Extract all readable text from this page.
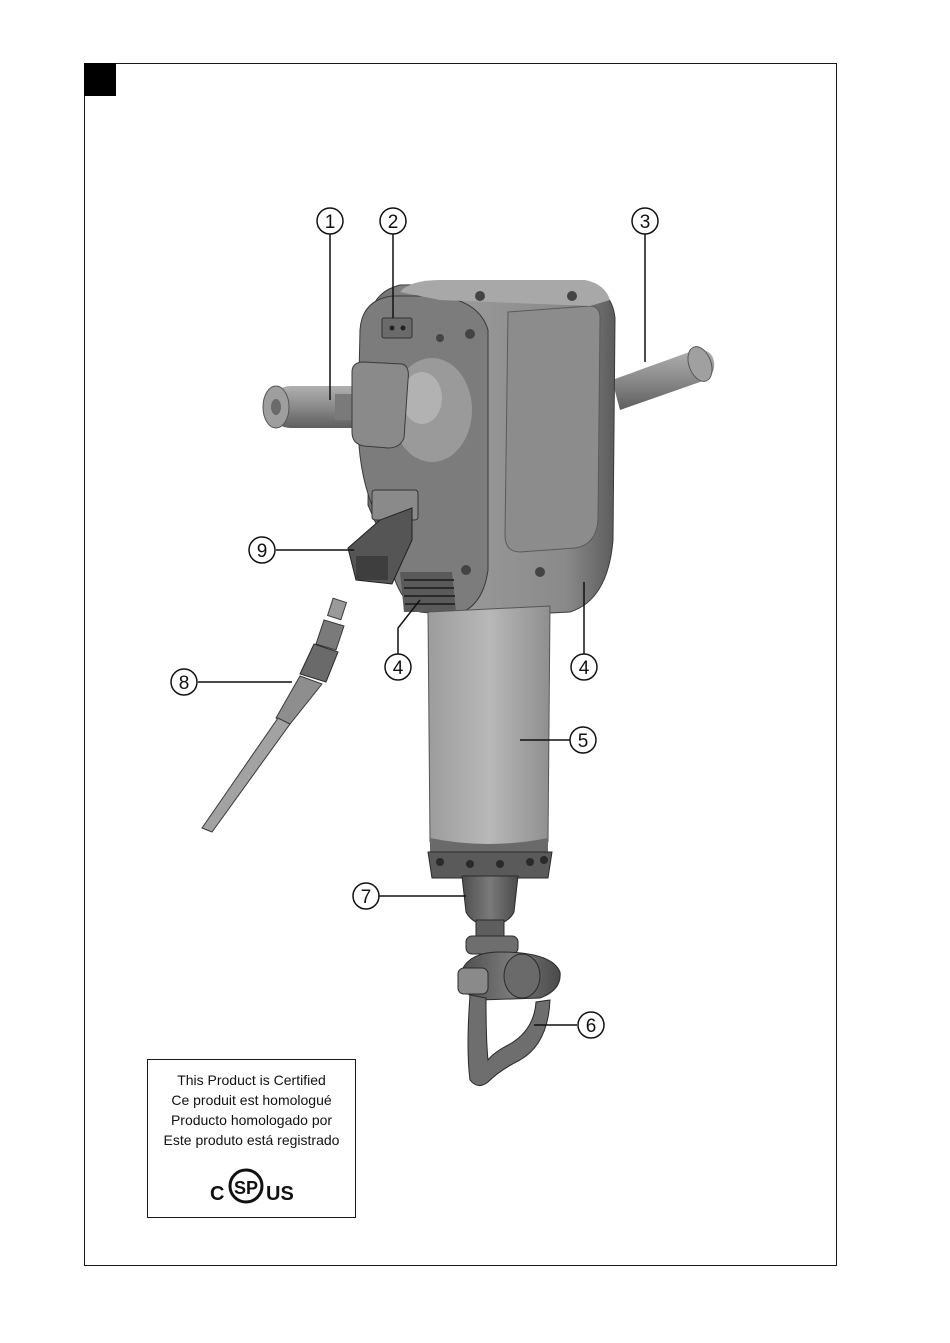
1	2	3
4	4
5
6
7
8
9
This Product is Certified
Ce produit est homologué
Producto homologado por
Este produto está registrado
C SP US
